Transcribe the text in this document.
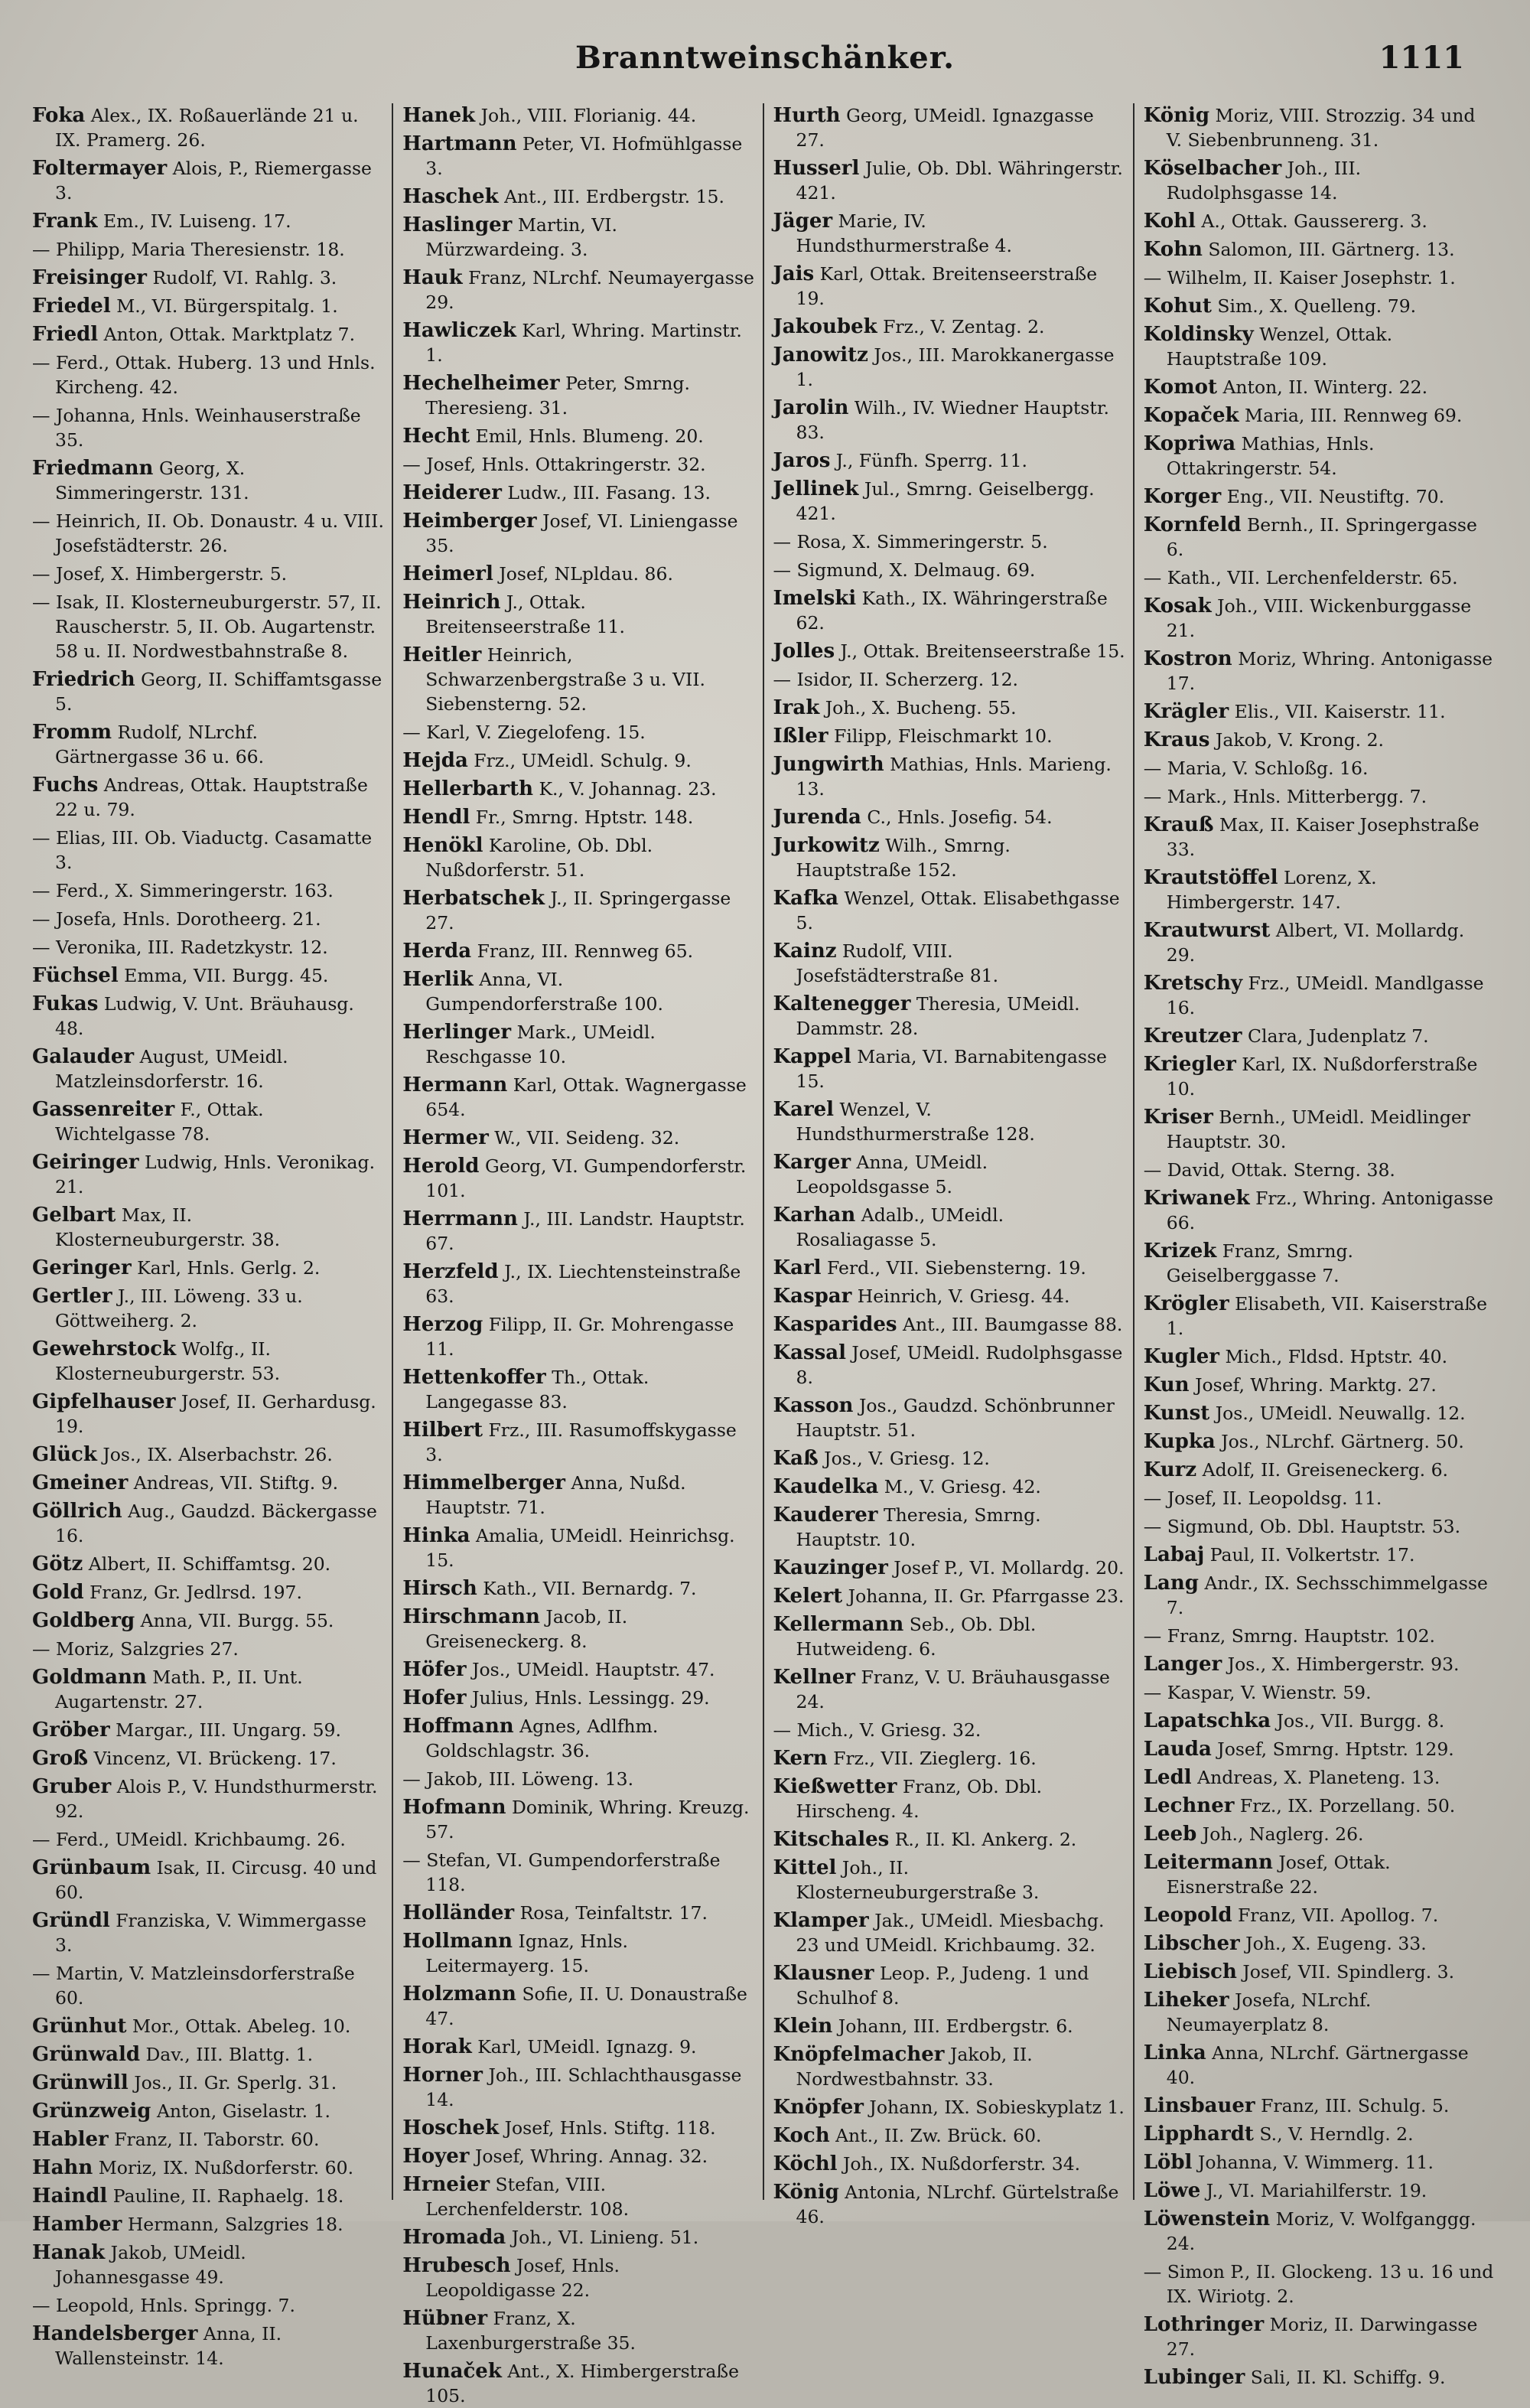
Branntweinschänker.	1111
Foka Alex., IX. Roßauerlände 21 u. IX. Pramerg. 26.
Foltermayer Alois, P., Riemergasse 3.
Frank Em., IV. Luiseng. 17.
— Philipp, Maria Theresienstr. 18.
Freisinger Rudolf, VI. Rahlg. 3.
Friedel M., VI. Bürgerspitalg. 1.
Friedl Anton, Ottak. Marktplatz 7.
— Ferd., Ottak. Huberg. 13 und Hnls. Kircheng. 42.
— Johanna, Hnls. Weinhauserstraße 35.
Friedmann Georg, X. Simmeringerstr. 131.
— Heinrich, II. Ob. Donaustr. 4 u. VIII. Josefstädterstr. 26.
— Josef, X. Himbergerstr. 5.
— Isak, II. Klosterneuburgerstr. 57, II. Rauscherstr. 5, II. Ob. Augartenstr. 58 u. II. Nordwestbahnstraße 8.
Friedrich Georg, II. Schiffamtsgasse 5.
Fromm Rudolf, NLrchf. Gärtnergasse 36 u. 66.
Fuchs Andreas, Ottak. Hauptstraße 22 u. 79.
— Elias, III. Ob. Viaductg. Casamatte 3.
— Ferd., X. Simmeringerstr. 163.
— Josefa, Hnls. Dorotheerg. 21.
— Veronika, III. Radetzkystr. 12.
Füchsel Emma, VII. Burgg. 45.
Fukas Ludwig, V. Unt. Bräuhausg. 48.
Galauder August, UMeidl. Matzleinsdorferstr. 16.
Gassenreiter F., Ottak. Wichtelgasse 78.
Geiringer Ludwig, Hnls. Veronikag. 21.
Gelbart Max, II. Klosterneuburgerstr. 38.
Geringer Karl, Hnls. Gerlg. 2.
Gertler J., III. Löweng. 33 u. Göttweiherg. 2.
Gewehrstock Wolfg., II. Klosterneuburgerstr. 53.
Gipfelhauser Josef, II. Gerhardusg. 19.
Glück Jos., IX. Alserbachstr. 26.
Gmeiner Andreas, VII. Stiftg. 9.
Göllrich Aug., Gaudzd. Bäckergasse 16.
Götz Albert, II. Schiffamtsg. 20.
Gold Franz, Gr. Jedlrsd. 197.
Goldberg Anna, VII. Burgg. 55.
— Moriz, Salzgries 27.
Goldmann Math. P., II. Unt. Augartenstr. 27.
Gröber Margar., III. Ungarg. 59.
Groß Vincenz, VI. Brückeng. 17.
Gruber Alois P., V. Hundsthurmerstr. 92.
— Ferd., UMeidl. Krichbaumg. 26.
Grünbaum Isak, II. Circusg. 40 und 60.
Gründl Franziska, V. Wimmergasse 3.
— Martin, V. Matzleinsdorferstraße 60.
Grünhut Mor., Ottak. Abeleg. 10.
Grünwald Dav., III. Blattg. 1.
Grünwill Jos., II. Gr. Sperlg. 31.
Grünzweig Anton, Giselastr. 1.
Habler Franz, II. Taborstr. 60.
Hahn Moriz, IX. Nußdorferstr. 60.
Haindl Pauline, II. Raphaelg. 18.
Hamber Hermann, Salzgries 18.
Hanak Jakob, UMeidl. Johannesgasse 49.
— Leopold, Hnls. Springg. 7.
Handelsberger Anna, II. Wallensteinstr. 14.
Hanek Joh., VIII. Florianig. 44.
Hartmann Peter, VI. Hofmühlgasse 3.
Haschek Ant., III. Erdbergstr. 15.
Haslinger Martin, VI. Mürzwardeing. 3.
Hauk Franz, NLrchf. Neumayergasse 29.
Hawliczek Karl, Whring. Martinstr. 1.
Hechelheimer Peter, Smrng. Theresieng. 31.
Hecht Emil, Hnls. Blumeng. 20.
— Josef, Hnls. Ottakringerstr. 32.
Heiderer Ludw., III. Fasang. 13.
Heimberger Josef, VI. Liniengasse 35.
Heimerl Josef, NLpldau. 86.
Heinrich J., Ottak. Breitenseerstraße 11.
Heitler Heinrich, Schwarzenbergstraße 3 u. VII. Siebensterng. 52.
— Karl, V. Ziegelofeng. 15.
Hejda Frz., UMeidl. Schulg. 9.
Hellerbarth K., V. Johannag. 23.
Hendl Fr., Smrng. Hptstr. 148.
Henökl Karoline, Ob. Dbl. Nußdorferstr. 51.
Herbatschek J., II. Springergasse 27.
Herda Franz, III. Rennweg 65.
Herlik Anna, VI. Gumpendorferstraße 100.
Herlinger Mark., UMeidl. Reschgasse 10.
Hermann Karl, Ottak. Wagnergasse 654.
Hermer W., VII. Seideng. 32.
Herold Georg, VI. Gumpendorferstr. 101.
Herrmann J., III. Landstr. Hauptstr. 67.
Herzfeld J., IX. Liechtensteinstraße 63.
Herzog Filipp, II. Gr. Mohrengasse 11.
Hettenkoffer Th., Ottak. Langegasse 83.
Hilbert Frz., III. Rasumoffskygasse 3.
Himmelberger Anna, Nußd. Hauptstr. 71.
Hinka Amalia, UMeidl. Heinrichsg. 15.
Hirsch Kath., VII. Bernardg. 7.
Hirschmann Jacob, II. Greiseneckerg. 8.
Höfer Jos., UMeidl. Hauptstr. 47.
Hofer Julius, Hnls. Lessingg. 29.
Hoffmann Agnes, Adlfhm. Goldschlagstr. 36.
— Jakob, III. Löweng. 13.
Hofmann Dominik, Whring. Kreuzg. 57.
— Stefan, VI. Gumpendorferstraße 118.
Holländer Rosa, Teinfaltstr. 17.
Hollmann Ignaz, Hnls. Leitermayerg. 15.
Holzmann Sofie, II. U. Donaustraße 47.
Horak Karl, UMeidl. Ignazg. 9.
Horner Joh., III. Schlachthausgasse 14.
Hoschek Josef, Hnls. Stiftg. 118.
Hoyer Josef, Whring. Annag. 32.
Hrneier Stefan, VIII. Lerchenfelderstr. 108.
Hromada Joh., VI. Linieng. 51.
Hrubesch Josef, Hnls. Leopoldigasse 22.
Hübner Franz, X. Laxenburgerstraße 35.
Hunaček Ant., X. Himbergerstraße 105.
Hurth Georg, UMeidl. Ignazgasse 27.
Husserl Julie, Ob. Dbl. Währingerstr. 421.
Jäger Marie, IV. Hundsthurmerstraße 4.
Jais Karl, Ottak. Breitenseerstraße 19.
Jakoubek Frz., V. Zentag. 2.
Janowitz Jos., III. Marokkanergasse 1.
Jarolin Wilh., IV. Wiedner Hauptstr. 83.
Jaros J., Fünfh. Sperrg. 11.
Jellinek Jul., Smrng. Geiselbergg. 421.
— Rosa, X. Simmeringerstr. 5.
— Sigmund, X. Delmaug. 69.
Imelski Kath., IX. Währingerstraße 62.
Jolles J., Ottak. Breitenseerstraße 15.
— Isidor, II. Scherzerg. 12.
Irak Joh., X. Bucheng. 55.
Ißler Filipp, Fleischmarkt 10.
Jungwirth Mathias, Hnls. Marieng. 13.
Jurenda C., Hnls. Josefig. 54.
Jurkowitz Wilh., Smrng. Hauptstraße 152.
Kafka Wenzel, Ottak. Elisabethgasse 5.
Kainz Rudolf, VIII. Josefstädterstraße 81.
Kaltenegger Theresia, UMeidl. Dammstr. 28.
Kappel Maria, VI. Barnabitengasse 15.
Karel Wenzel, V. Hundsthurmerstraße 128.
Karger Anna, UMeidl. Leopoldsgasse 5.
Karhan Adalb., UMeidl. Rosaliagasse 5.
Karl Ferd., VII. Siebensterng. 19.
Kaspar Heinrich, V. Griesg. 44.
Kasparides Ant., III. Baumgasse 88.
Kassal Josef, UMeidl. Rudolphsgasse 8.
Kasson Jos., Gaudzd. Schönbrunner Hauptstr. 51.
Kaß Jos., V. Griesg. 12.
Kaudelka M., V. Griesg. 42.
Kauderer Theresia, Smrng. Hauptstr. 10.
Kauzinger Josef P., VI. Mollardg. 20.
Kelert Johanna, II. Gr. Pfarrgasse 23.
Kellermann Seb., Ob. Dbl. Hutweideng. 6.
Kellner Franz, V. U. Bräuhausgasse 24.
— Mich., V. Griesg. 32.
Kern Frz., VII. Zieglerg. 16.
Kießwetter Franz, Ob. Dbl. Hirscheng. 4.
Kitschales R., II. Kl. Ankerg. 2.
Kittel Joh., II. Klosterneuburgerstraße 3.
Klamper Jak., UMeidl. Miesbachg. 23 und UMeidl. Krichbaumg. 32.
Klausner Leop. P., Judeng. 1 und Schulhof 8.
Klein Johann, III. Erdbergstr. 6.
Knöpfelmacher Jakob, II. Nordwestbahnstr. 33.
Knöpfer Johann, IX. Sobieskyplatz 1.
Koch Ant., II. Zw. Brück. 60.
Köchl Joh., IX. Nußdorferstr. 34.
König Antonia, NLrchf. Gürtelstraße 46.
König Moriz, VIII. Strozzig. 34 und V. Siebenbrunneng. 31.
Köselbacher Joh., III. Rudolphsgasse 14.
Kohl A., Ottak. Gaussererg. 3.
Kohn Salomon, III. Gärtnerg. 13.
— Wilhelm, II. Kaiser Josephstr. 1.
Kohut Sim., X. Quelleng. 79.
Koldinsky Wenzel, Ottak. Hauptstraße 109.
Komot Anton, II. Winterg. 22.
Kopaček Maria, III. Rennweg 69.
Kopriwa Mathias, Hnls. Ottakringerstr. 54.
Korger Eng., VII. Neustiftg. 70.
Kornfeld Bernh., II. Springergasse 6.
— Kath., VII. Lerchenfelderstr. 65.
Kosak Joh., VIII. Wickenburggasse 21.
Kostron Moriz, Whring. Antonigasse 17.
Krägler Elis., VII. Kaiserstr. 11.
Kraus Jakob, V. Krong. 2.
— Maria, V. Schloßg. 16.
— Mark., Hnls. Mitterbergg. 7.
Krauß Max, II. Kaiser Josephstraße 33.
Krautstöffel Lorenz, X. Himbergerstr. 147.
Krautwurst Albert, VI. Mollardg. 29.
Kretschy Frz., UMeidl. Mandlgasse 16.
Kreutzer Clara, Judenplatz 7.
Kriegler Karl, IX. Nußdorferstraße 10.
Kriser Bernh., UMeidl. Meidlinger Hauptstr. 30.
— David, Ottak. Sterng. 38.
Kriwanek Frz., Whring. Antonigasse 66.
Krizek Franz, Smrng. Geiselberggasse 7.
Krögler Elisabeth, VII. Kaiserstraße 1.
Kugler Mich., Fldsd. Hptstr. 40.
Kun Josef, Whring. Marktg. 27.
Kunst Jos., UMeidl. Neuwallg. 12.
Kupka Jos., NLrchf. Gärtnerg. 50.
Kurz Adolf, II. Greiseneckerg. 6.
— Josef, II. Leopoldsg. 11.
— Sigmund, Ob. Dbl. Hauptstr. 53.
Labaj Paul, II. Volkertstr. 17.
Lang Andr., IX. Sechsschimmelgasse 7.
— Franz, Smrng. Hauptstr. 102.
Langer Jos., X. Himbergerstr. 93.
— Kaspar, V. Wienstr. 59.
Lapatschka Jos., VII. Burgg. 8.
Lauda Josef, Smrng. Hptstr. 129.
Ledl Andreas, X. Planeteng. 13.
Lechner Frz., IX. Porzellang. 50.
Leeb Joh., Naglerg. 26.
Leitermann Josef, Ottak. Eisnerstraße 22.
Leopold Franz, VII. Apollog. 7.
Libscher Joh., X. Eugeng. 33.
Liebisch Josef, VII. Spindlerg. 3.
Liheker Josefa, NLrchf. Neumayerplatz 8.
Linka Anna, NLrchf. Gärtnergasse 40.
Linsbauer Franz, III. Schulg. 5.
Lipphardt S., V. Herndlg. 2.
Löbl Johanna, V. Wimmerg. 11.
Löwe J., VI. Mariahilferstr. 19.
Löwenstein Moriz, V. Wolfganggg. 24.
— Simon P., II. Glockeng. 13 u. 16 und IX. Wiriotg. 2.
Lothringer Moriz, II. Darwingasse 27.
Lubinger Sali, II. Kl. Schiffg. 9.
